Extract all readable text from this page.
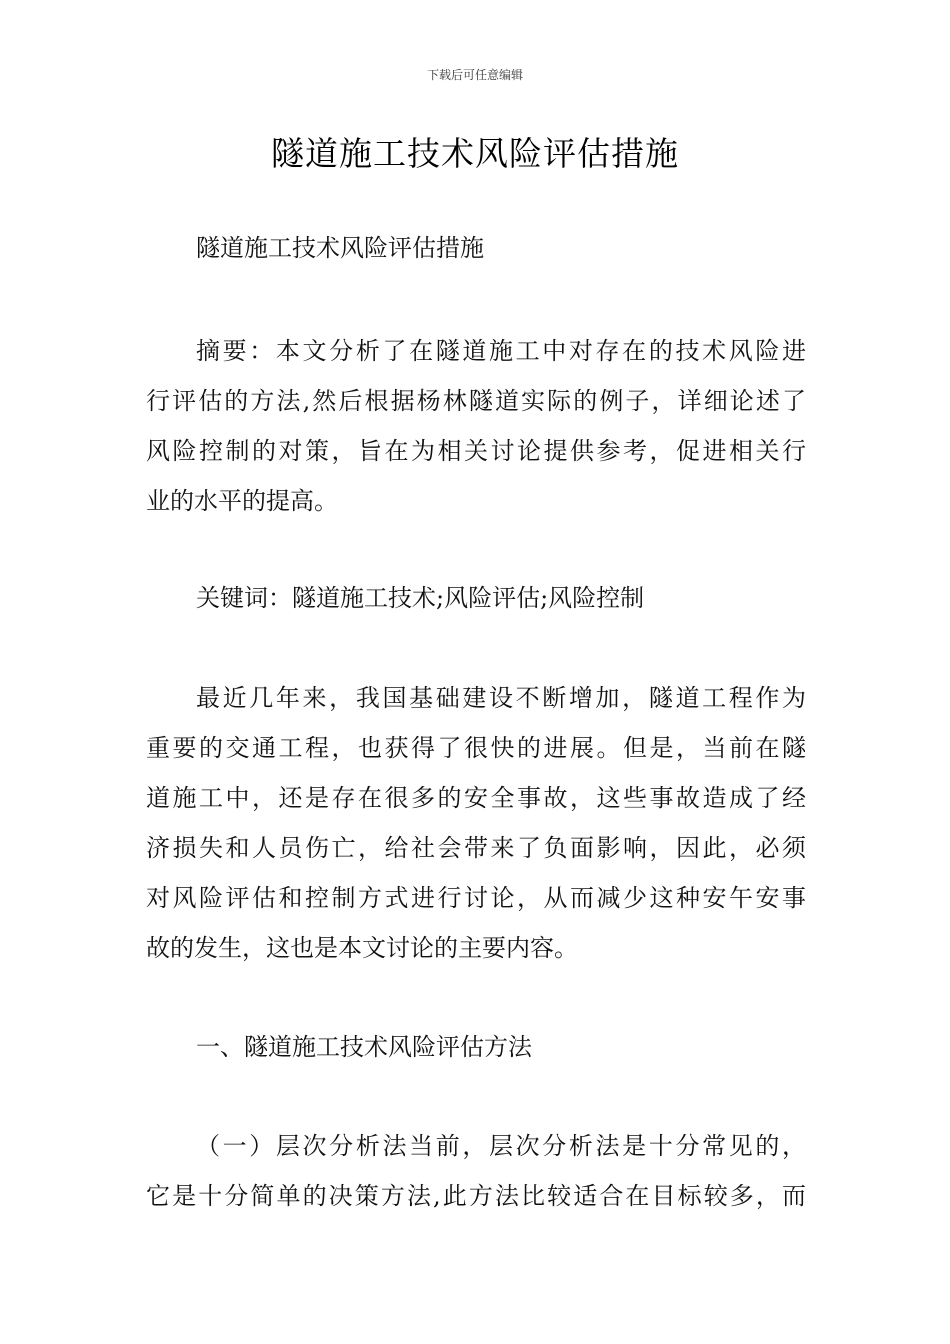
下载后可任意编辑
隧道施工技术风险评估措施
隧道施工技术风险评估措施
摘要：本文分析了在隧道施工中对存在的技术风险进
行评估的方法,然后根据杨林隧道实际的例子，详细论述了
风险控制的对策，旨在为相关讨论提供参考，促进相关行
业的水平的提高。
关键词：隧道施工技术;风险评估;风险控制
最近几年来，我国基础建设不断增加，隧道工程作为
重要的交通工程，也获得了很快的进展。但是，当前在隧
道施工中，还是存在很多的安全事故，这些事故造成了经
济损失和人员伤亡，给社会带来了负面影响，因此，必须
对风险评估和控制方式进行讨论，从而减少这种安午安事
故的发生，这也是本文讨论的主要内容。
一、隧道施工技术风险评估方法
（一）层次分析法当前，层次分析法是十分常见的，
它是十分简单的决策方法,此方法比较适合在目标较多，而
